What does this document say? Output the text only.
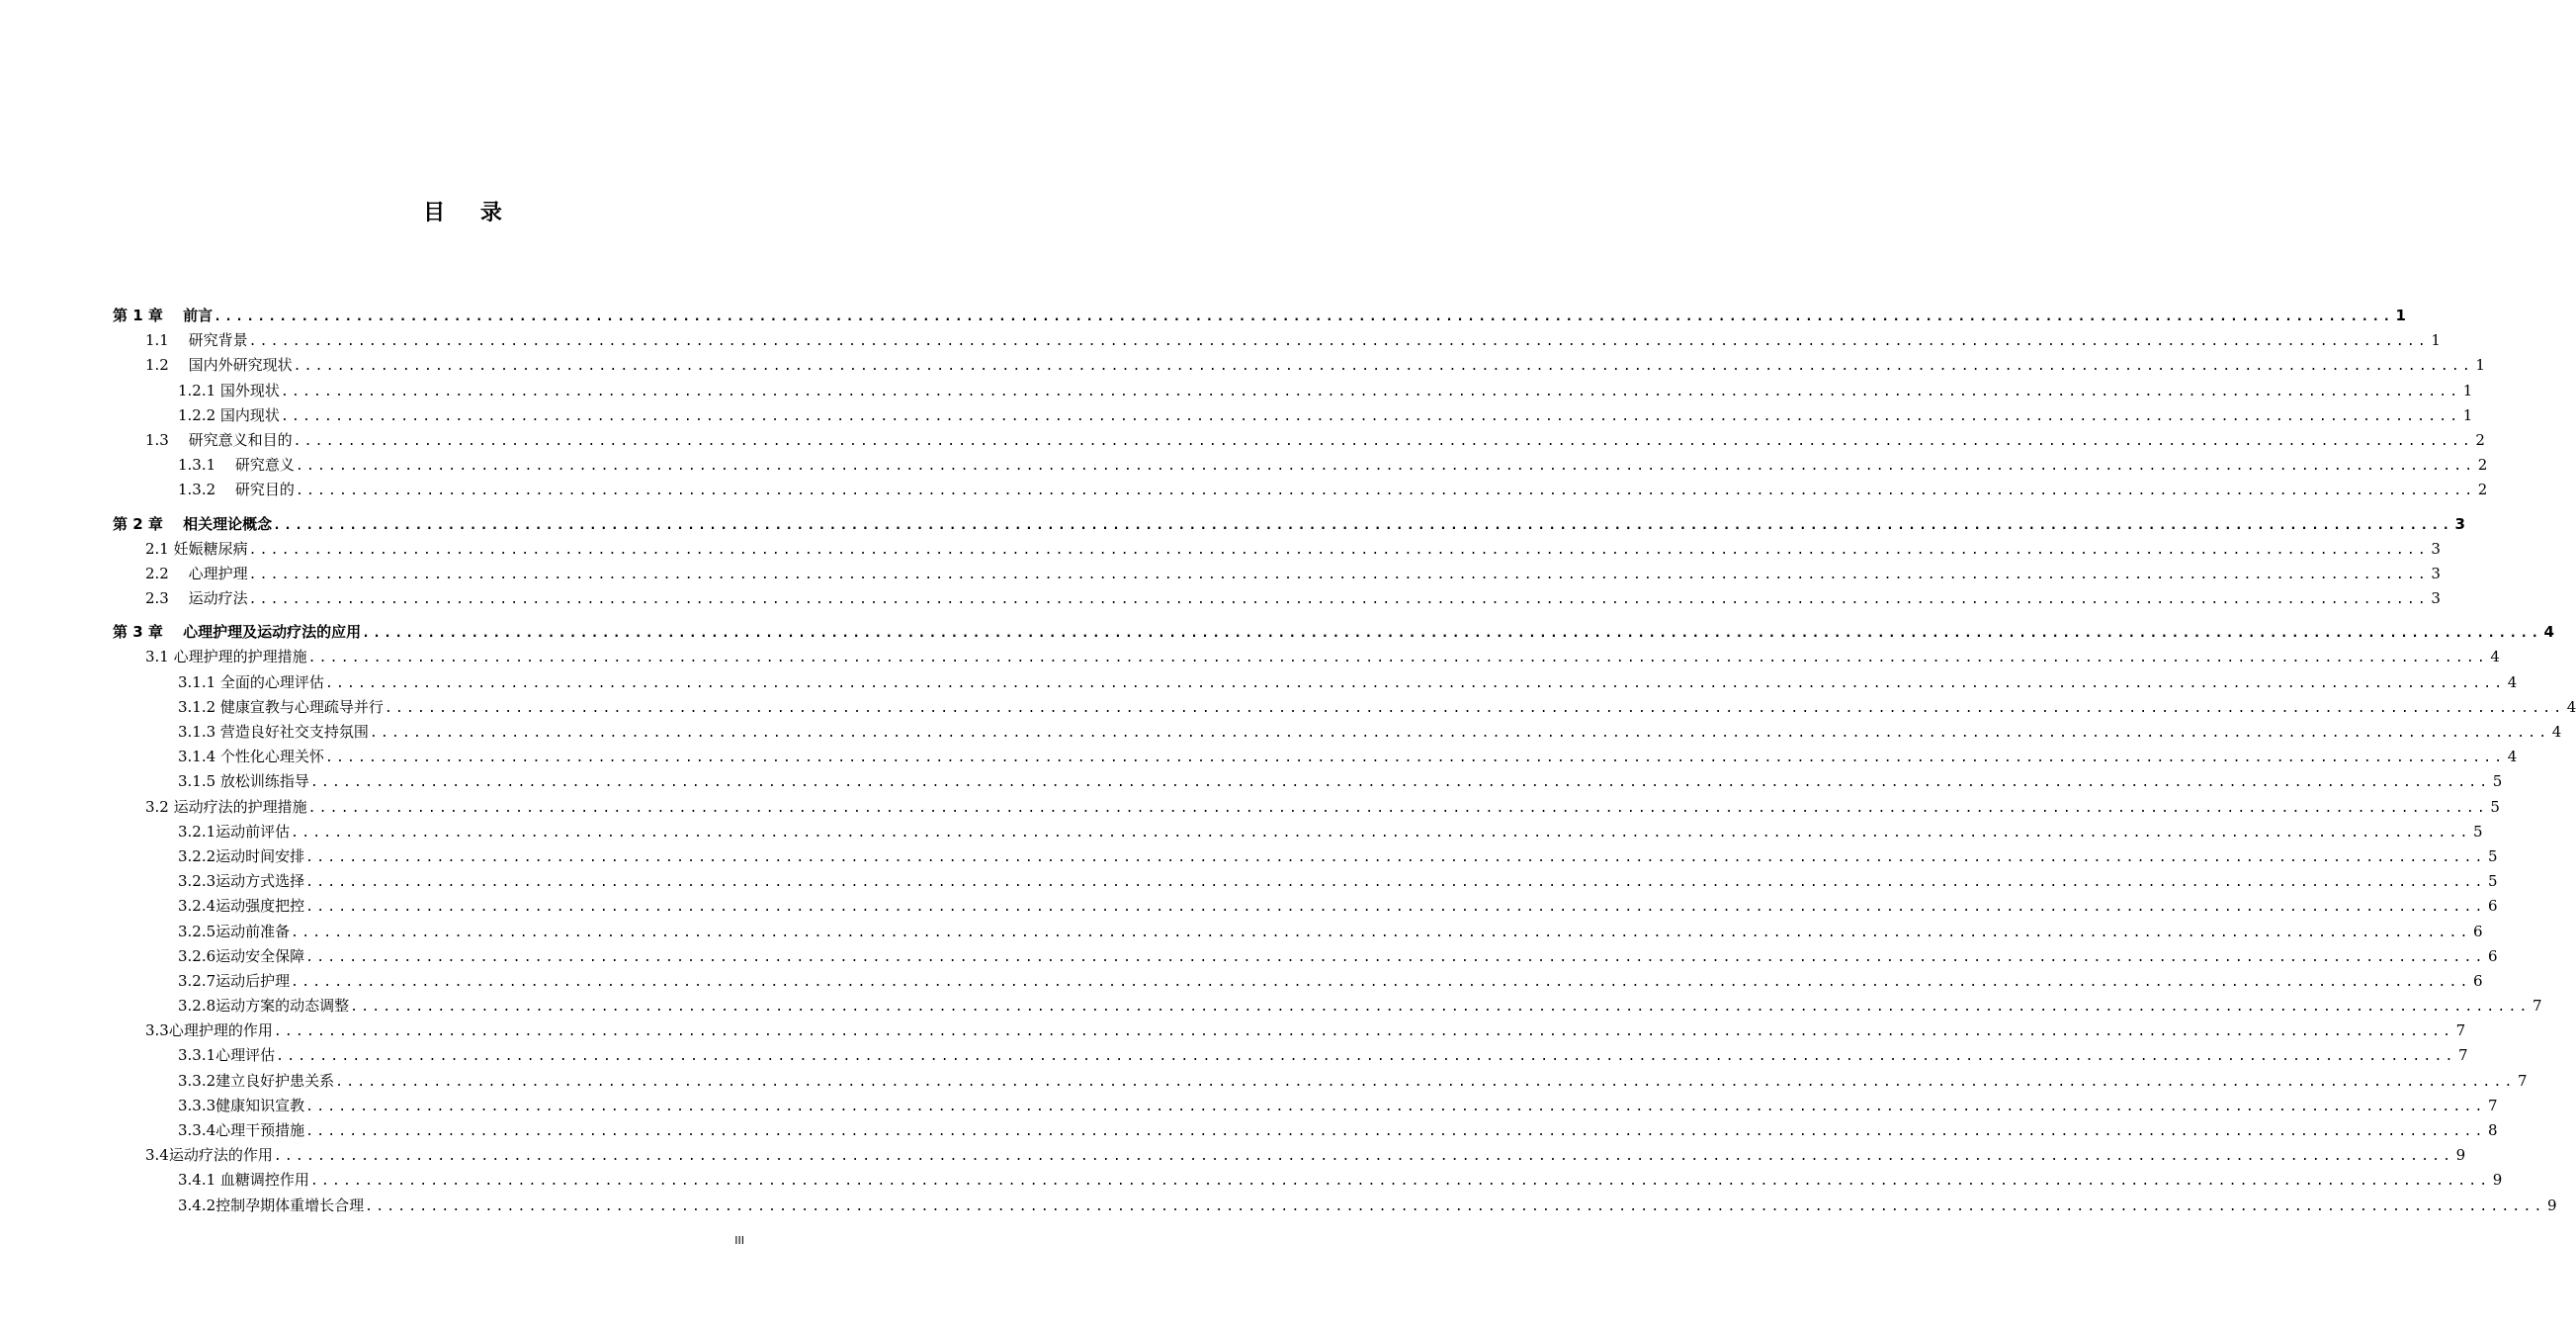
目 录
第 1 章　 前言 ........................................................................................................................................................................................................ 1
1.1　 研究背景 ........................................................................................................................................................................................................ 1
1.2　 国内外研究现状 ........................................................................................................................................................................................................ 1
1.2.1 国外现状 ........................................................................................................................................................................................................ 1
1.2.2 国内现状 ........................................................................................................................................................................................................ 1
1.3　 研究意义和目的 ........................................................................................................................................................................................................ 2
1.3.1　 研究意义 ........................................................................................................................................................................................................ 2
1.3.2　 研究目的 ........................................................................................................................................................................................................ 2
第 2 章　 相关理论概念 ........................................................................................................................................................................................................ 3
2.1 妊娠糖尿病 ........................................................................................................................................................................................................ 3
2.2　 心理护理 ........................................................................................................................................................................................................ 3
2.3　 运动疗法 ........................................................................................................................................................................................................ 3
第 3 章　 心理护理及运动疗法的应用 ........................................................................................................................................................................................................ 4
3.1 心理护理的护理措施 ........................................................................................................................................................................................................ 4
3.1.1 全面的心理评估 ........................................................................................................................................................................................................ 4
3.1.2 健康宣教与心理疏导并行 ........................................................................................................................................................................................................ 4
3.1.3 营造良好社交支持氛围 ........................................................................................................................................................................................................ 4
3.1.4 个性化心理关怀 ........................................................................................................................................................................................................ 4
3.1.5 放松训练指导 ........................................................................................................................................................................................................ 5
3.2 运动疗法的护理措施 ........................................................................................................................................................................................................ 5
3.2.1运动前评估 ........................................................................................................................................................................................................ 5
3.2.2运动时间安排 ........................................................................................................................................................................................................ 5
3.2.3运动方式选择 ........................................................................................................................................................................................................ 5
3.2.4运动强度把控 ........................................................................................................................................................................................................ 6
3.2.5运动前准备 ........................................................................................................................................................................................................ 6
3.2.6运动安全保障 ........................................................................................................................................................................................................ 6
3.2.7运动后护理 ........................................................................................................................................................................................................ 6
3.2.8运动方案的动态调整 ........................................................................................................................................................................................................ 7
3.3心理护理的作用 ........................................................................................................................................................................................................ 7
3.3.1心理评估 ........................................................................................................................................................................................................ 7
3.3.2建立良好护患关系 ........................................................................................................................................................................................................ 7
3.3.3健康知识宣教 ........................................................................................................................................................................................................ 7
3.3.4心理干预措施 ........................................................................................................................................................................................................ 8
3.4运动疗法的作用 ........................................................................................................................................................................................................ 9
3.4.1 血糖调控作用 ........................................................................................................................................................................................................ 9
3.4.2控制孕期体重增长合理 ........................................................................................................................................................................................................ 9
III
